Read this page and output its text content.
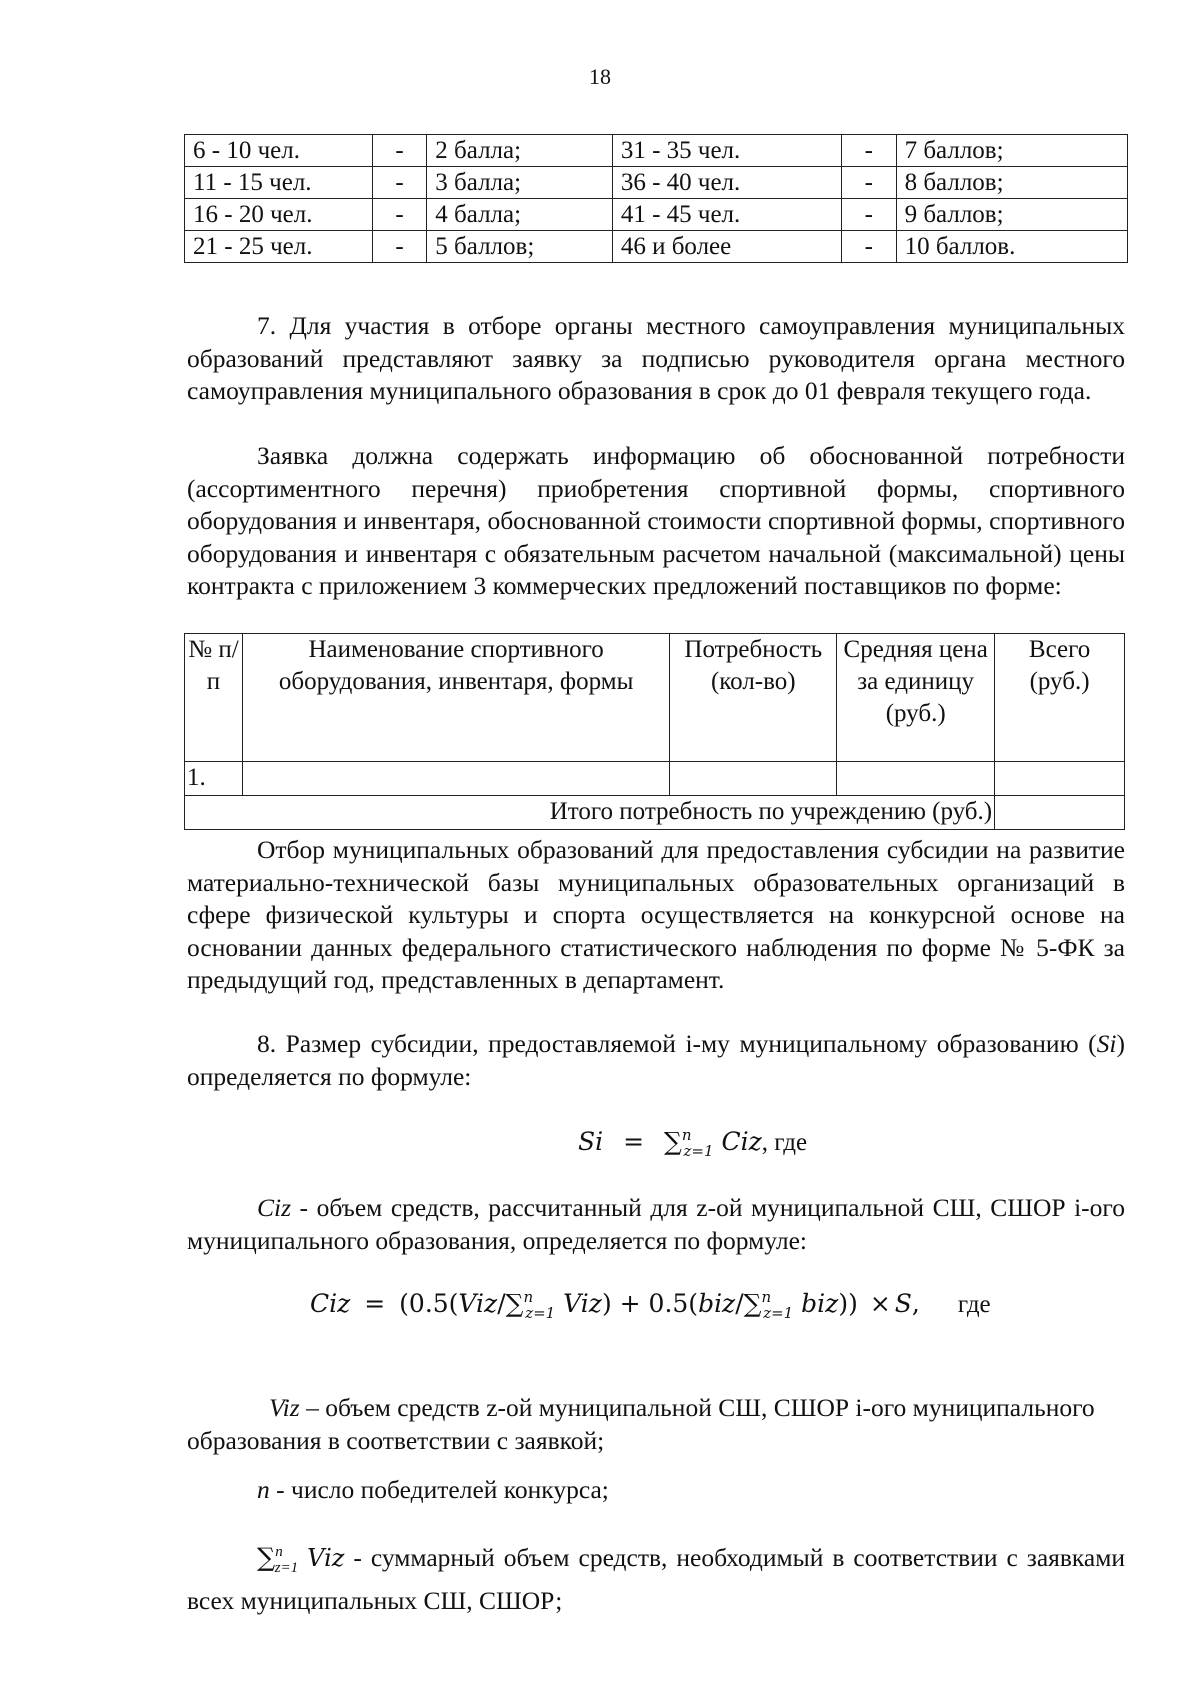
18
6 - 10 чел.	-	2 балла;	31 - 35 чел.	-	7 баллов;
11 - 15 чел.	-	3 балла;	36 - 40 чел.	-	8 баллов;
16 - 20 чел.	-	4 балла;	41 - 45 чел.	-	9 баллов;
21 - 25 чел.	-	5 баллов;	46 и более	-	10 баллов.
7. Для участия в отборе органы местного самоуправления муниципальных образований представляют заявку за подписью руководителя органа местного самоуправления муниципального образования в срок до 01 февраля текущего года.
Заявка должна содержать информацию об обоснованной потребности (ассортиментного перечня) приобретения спортивной формы, спортивного оборудования и инвентаря, обоснованной стоимости спортивной формы, спортивного оборудования и инвентаря с обязательным расчетом начальной (максимальной) цены контракта с приложением 3 коммерческих предложений поставщиков по форме:
№ п/п	Наименование спортивного оборудования, инвентаря, формы	Потребность (кол-во)	Средняя цена за единицу (руб.)	Всего (руб.)
1.				
Итого потребность по учреждению (руб.)				
Отбор муниципальных образований для предоставления субсидии на развитие материально-технической базы муниципальных образовательных организаций в сфере физической культуры и спорта осуществляется на конкурсной основе на основании данных федерального статистического наблюдения по форме № 5-ФК за предыдущий год, представленных в департамент.
8. Размер субсидии, предоставляемой i-му муниципальному образованию (Si) определяется по формуле:
Si = ∑$^n_{z=1}$ Ciz, где
Ciz - объем средств, рассчитанный для z-ой муниципальной СШ, СШОР i-ого муниципального образования, определяется по формуле:
Ciz = (0.5(Viz/∑$^n_{z=1}$ Viz) + 0.5(biz/∑$^n_{z=1}$ biz)) × S, где
Viz – объем средств z-ой муниципальной СШ, СШОР i-ого муниципального образования в соответствии с заявкой;
n - число победителей конкурса;
∑$^n_{z=1}$ Viz - суммарный объем средств, необходимый в соответствии с заявками всех муниципальных СШ, СШОР;
